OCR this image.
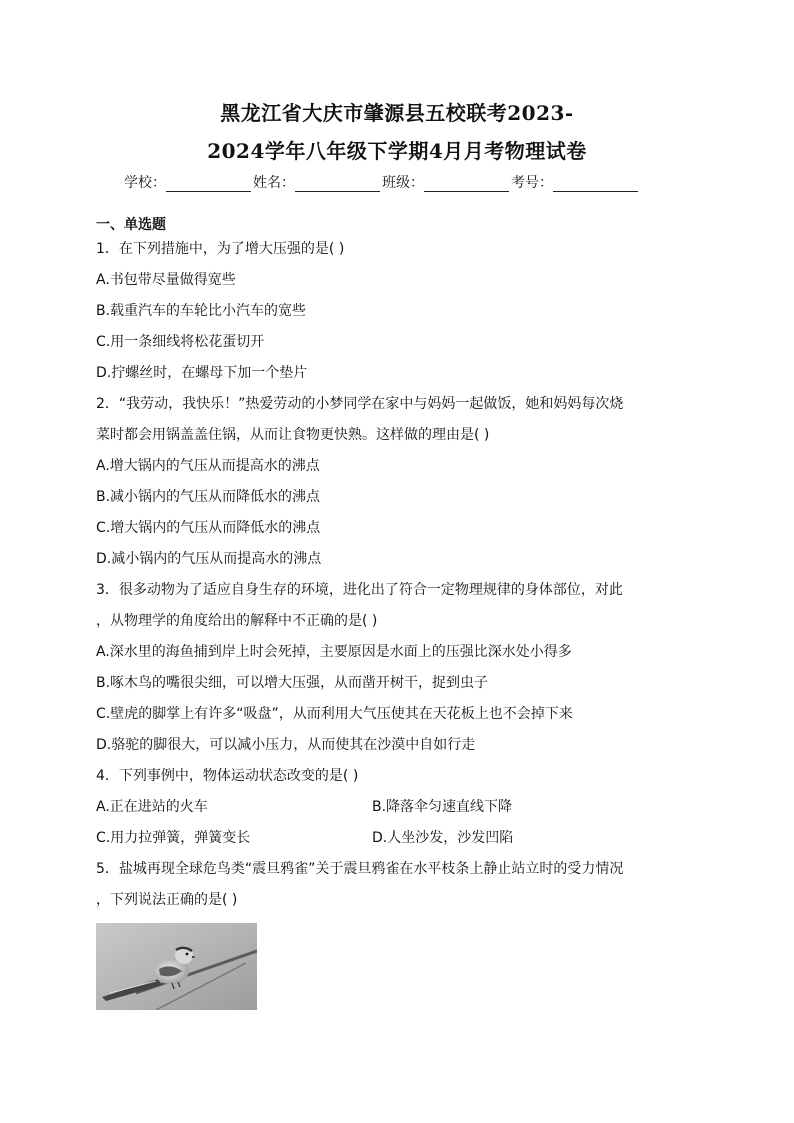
黑龙江省大庆市肇源县五校联考2023-
2024学年八年级下学期4月月考物理试卷
学校：	姓名：	班级：	考号：
一、单选题
1．在下列措施中，为了增大压强的是( )
A.书包带尽量做得宽些
B.载重汽车的车轮比小汽车的宽些
C.用一条细线将松花蛋切开
D.拧螺丝时，在螺母下加一个垫片
2．“我劳动，我快乐！”热爱劳动的小梦同学在家中与妈妈一起做饭，她和妈妈每次烧
菜时都会用锅盖盖住锅，从而让食物更快熟。这样做的理由是( )
A.增大锅内的气压从而提高水的沸点
B.减小锅内的气压从而降低水的沸点
C.增大锅内的气压从而降低水的沸点
D.减小锅内的气压从而提高水的沸点
3．很多动物为了适应自身生存的环境，进化出了符合一定物理规律的身体部位，对此
，从物理学的角度给出的解释中不正确的是( )
A.深水里的海鱼捕到岸上时会死掉，主要原因是水面上的压强比深水处小得多
B.啄木鸟的嘴很尖细，可以增大压强，从而凿开树干，捉到虫子
C.壁虎的脚掌上有许多“吸盘”，从而利用大气压使其在天花板上也不会掉下来
D.骆驼的脚很大，可以减小压力，从而使其在沙漠中自如行走
4．下列事例中，物体运动状态改变的是( )
A.正在进站的火车	B.降落伞匀速直线下降
C.用力拉弹簧，弹簧变长	D.人坐沙发，沙发凹陷
5．盐城再现全球危鸟类“震旦鸦雀”关于震旦鸦雀在水平枝条上静止站立时的受力情况
，下列说法正确的是( )
